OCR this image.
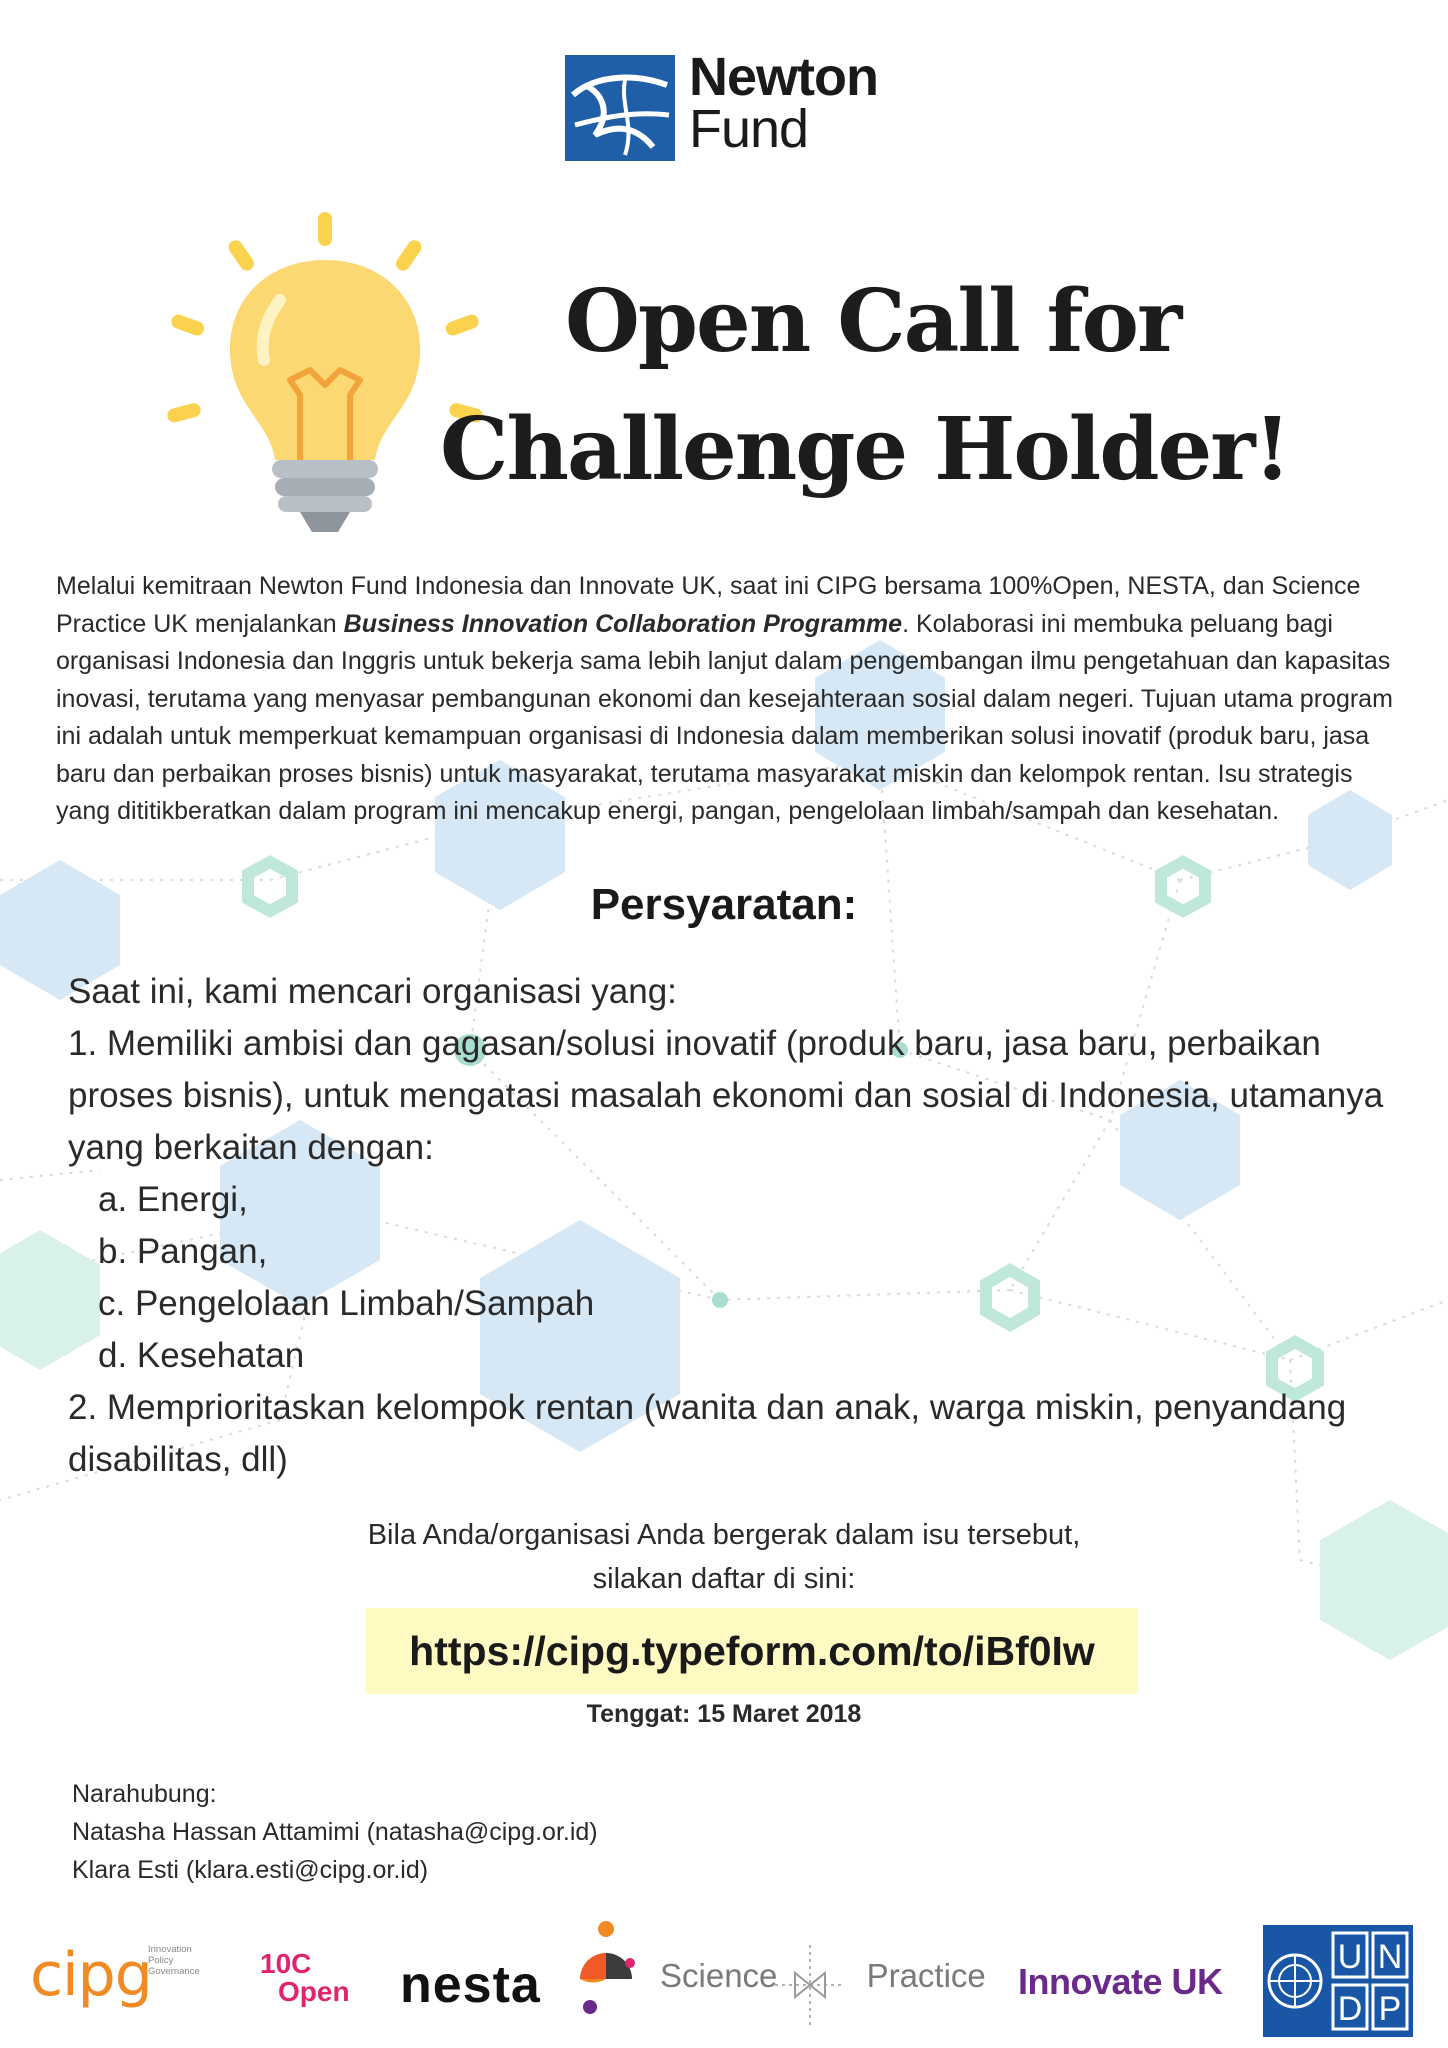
Newton
Fund
Open Call for
Challenge Holder!
Melalui kemitraan Newton Fund Indonesia dan Innovate UK, saat ini CIPG bersama 100%Open, NESTA, dan Science Practice UK menjalankan Business Innovation Collaboration Programme. Kolaborasi ini membuka peluang bagi organisasi Indonesia dan Inggris untuk bekerja sama lebih lanjut dalam pengembangan ilmu pengetahuan dan kapasitas inovasi, terutama yang menyasar pembangunan ekonomi dan kesejahteraan sosial dalam negeri. Tujuan utama program ini adalah untuk memperkuat kemampuan organisasi di Indonesia dalam memberikan solusi inovatif (produk baru, jasa baru dan perbaikan proses bisnis) untuk masyarakat, terutama masyarakat miskin dan kelompok rentan. Isu strategis yang dititikberatkan dalam program ini mencakup energi, pangan, pengelolaan limbah/sampah dan kesehatan.
Persyaratan:
Saat ini, kami mencari organisasi yang:
1. Memiliki ambisi dan gagasan/solusi inovatif (produk baru, jasa baru, perbaikan proses bisnis), untuk mengatasi masalah ekonomi dan sosial di Indonesia, utamanya yang berkaitan dengan:
a. Energi,
b. Pangan,
c. Pengelolaan Limbah/Sampah
d. Kesehatan
2. Memprioritaskan kelompok rentan (wanita dan anak, warga miskin, penyandang disabilitas, dll)
Bila Anda/organisasi Anda bergerak dalam isu tersebut,
silakan daftar di sini:
https://cipg.typeform.com/to/iBf0Iw
Tenggat: 15 Maret 2018
Narahubung:
Natasha Hassan Attamimi (natasha@cipg.or.id)
Klara Esti (klara.esti@cipg.or.id)
cipg
Innovation Policy Governance 10C
Open nesta	Science Practice Innovate UK
U N
D P
